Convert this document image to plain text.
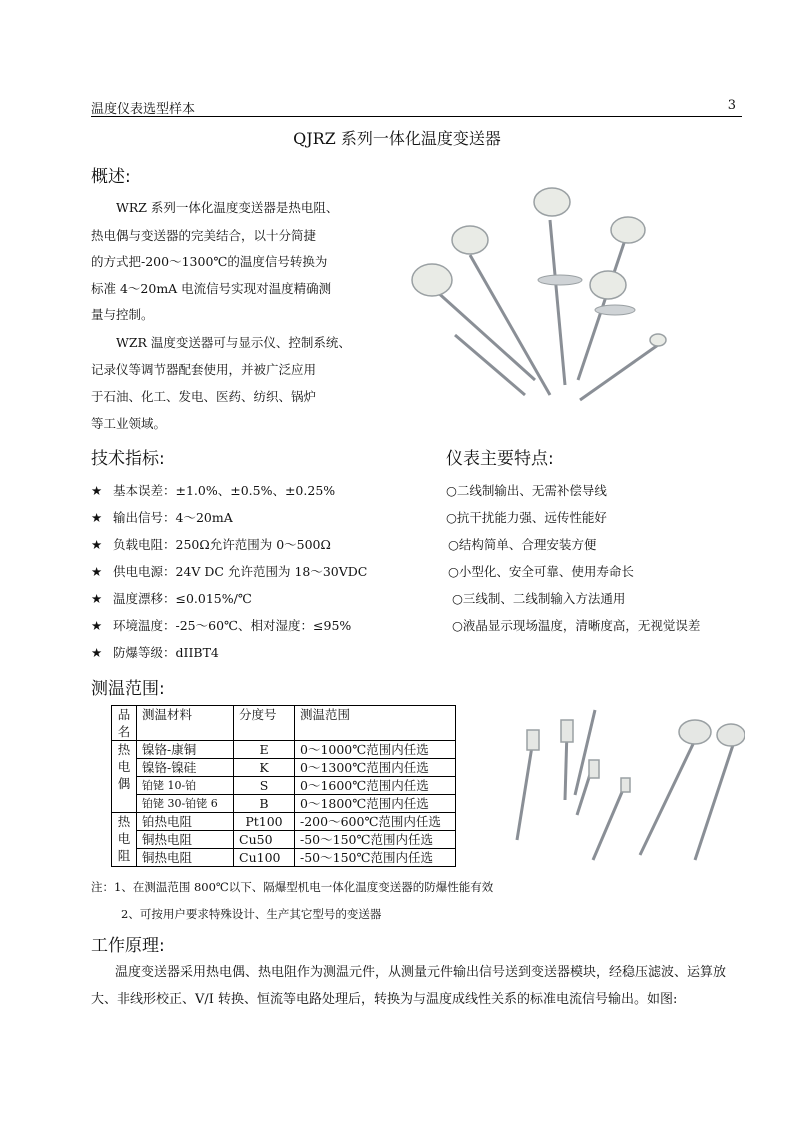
温度仪表选型样本	3
QJRZ 系列一体化温度变送器
概述:
WRZ 系列一体化温度变送器是热电阻、
热电偶与变送器的完美结合，以十分简捷
的方式把-200～1300℃的温度信号转换为
标准 4～20mA 电流信号实现对温度精确测
量与控制。
WZR 温度变送器可与显示仪、控制系统、
记录仪等调节器配套使用，并被广泛应用
于石油、化工、发电、医药、纺织、锅炉
等工业领域。
技术指标:
★ 基本误差：±1.0%、±0.5%、±0.25%
★ 输出信号：4～20mA
★ 负载电阻：250Ω允许范围为 0～500Ω
★ 供电电源：24V DC 允许范围为 18～30VDC
★ 温度漂移：≤0.015%/℃
★ 环境温度：-25～60℃、相对湿度：≤95%
★ 防爆等级：dIIBT4
仪表主要特点:
○二线制输出、无需补偿导线
○抗干扰能力强、远传性能好
○结构简单、合理安装方便
○小型化、安全可靠、使用寿命长
○三线制、二线制输入方法通用
○液晶显示现场温度，清晰度高，无视觉误差
测温范围:
品名	测温材料	分度号	测温范围
热电偶	镍铬-康铜	E	0～1000℃范围内任选
	镍铬-镍硅	K	0～1300℃范围内任选
	铂铑 10-铂	S	0～1600℃范围内任选
	铂铑 30-铂铑 6	B	0～1800℃范围内任选
热电阻	铂热电阻	Pt100	-200～600℃范围内任选
	铜热电阻	Cu50	-50～150℃范围内任选
	铜热电阻	Cu100	-50～150℃范围内任选
注：1、在测温范围 800℃以下、隔爆型机电一体化温度变送器的防爆性能有效
2、可按用户要求特殊设计、生产其它型号的变送器
工作原理:
温度变送器采用热电偶、热电阻作为测温元件，从测量元件输出信号送到变送器模块，经稳压滤波、运算放大、非线形校正、V/I 转换、恒流等电路处理后，转换为与温度成线性关系的标准电流信号输出。如图:
